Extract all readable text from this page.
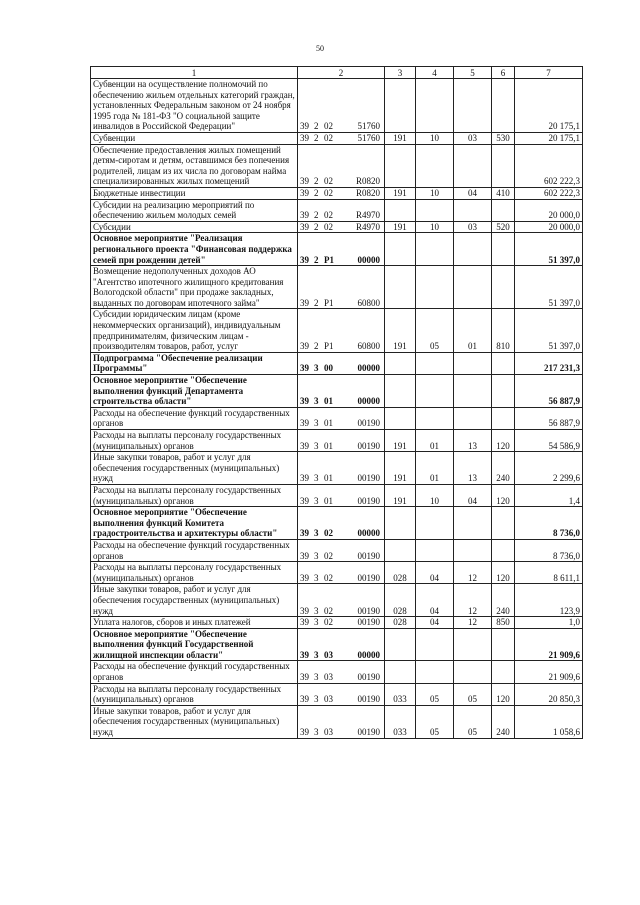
50
1	2	3	4	5	6	7
Субвенции на осуществление полномочий по обеспечению жильем отдельных категорий граждан, установленных Федеральным законом от 24 ноября 1995 года № 181-ФЗ "О социальной защите инвалидов в Российской Федерации"	39 2 02 51760					20 175,1
Субвенции	39 2 02 51760	191	10	03	530	20 175,1
Обеспечение предоставления жилых помещений детям-сиротам и детям, оставшимся без попечения родителей, лицам из их числа по договорам найма специализированных жилых помещений	39 2 02 R0820					602 222,3
Бюджетные инвестиции	39 2 02 R0820	191	10	04	410	602 222,3
Субсидии на реализацию мероприятий по обеспечению жильем молодых семей	39 2 02 R4970					20 000,0
Субсидии	39 2 02 R4970	191	10	03	520	20 000,0
Основное мероприятие "Реализация регионального проекта "Финансовая поддержка семей при рождении детей"	39 2 P1 00000					51 397,0
Возмещение недополученных доходов АО "Агентство ипотечного жилищного кредитования Вологодской области" при продаже закладных, выданных по договорам ипотечного займа"	39 2 P1 60800					51 397,0
Субсидии юридическим лицам (кроме некоммерческих организаций), индивидуальным предпринимателям, физическим лицам - производителям товаров, работ, услуг	39 2 P1 60800	191	05	01	810	51 397,0
Подпрограмма "Обеспечение реализации Программы"	39 3 00 00000					217 231,3
Основное мероприятие "Обеспечение выполнения функций Департамента строительства области"	39 3 01 00000					56 887,9
Расходы на обеспечение функций государственных органов	39 3 01 00190					56 887,9
Расходы на выплаты персоналу государственных (муниципальных) органов	39 3 01 00190	191	01	13	120	54 586,9
Иные закупки товаров, работ и услуг для обеспечения государственных (муниципальных) нужд	39 3 01 00190	191	01	13	240	2 299,6
Расходы на выплаты персоналу государственных (муниципальных) органов	39 3 01 00190	191	10	04	120	1,4
Основное мероприятие "Обеспечение выполнения функций Комитета градостроительства и архитектуры области"	39 3 02 00000					8 736,0
Расходы на обеспечение функций государственных органов	39 3 02 00190					8 736,0
Расходы на выплаты персоналу государственных (муниципальных) органов	39 3 02 00190	028	04	12	120	8 611,1
Иные закупки товаров, работ и услуг для обеспечения государственных (муниципальных) нужд	39 3 02 00190	028	04	12	240	123,9
Уплата налогов, сборов и иных платежей	39 3 02 00190	028	04	12	850	1,0
Основное мероприятие "Обеспечение выполнения функций Государственной жилищной инспекции области"	39 3 03 00000					21 909,6
Расходы на обеспечение функций государственных органов	39 3 03 00190					21 909,6
Расходы на выплаты персоналу государственных (муниципальных) органов	39 3 03 00190	033	05	05	120	20 850,3
Иные закупки товаров, работ и услуг для обеспечения государственных (муниципальных) нужд	39 3 03 00190	033	05	05	240	1 058,6
